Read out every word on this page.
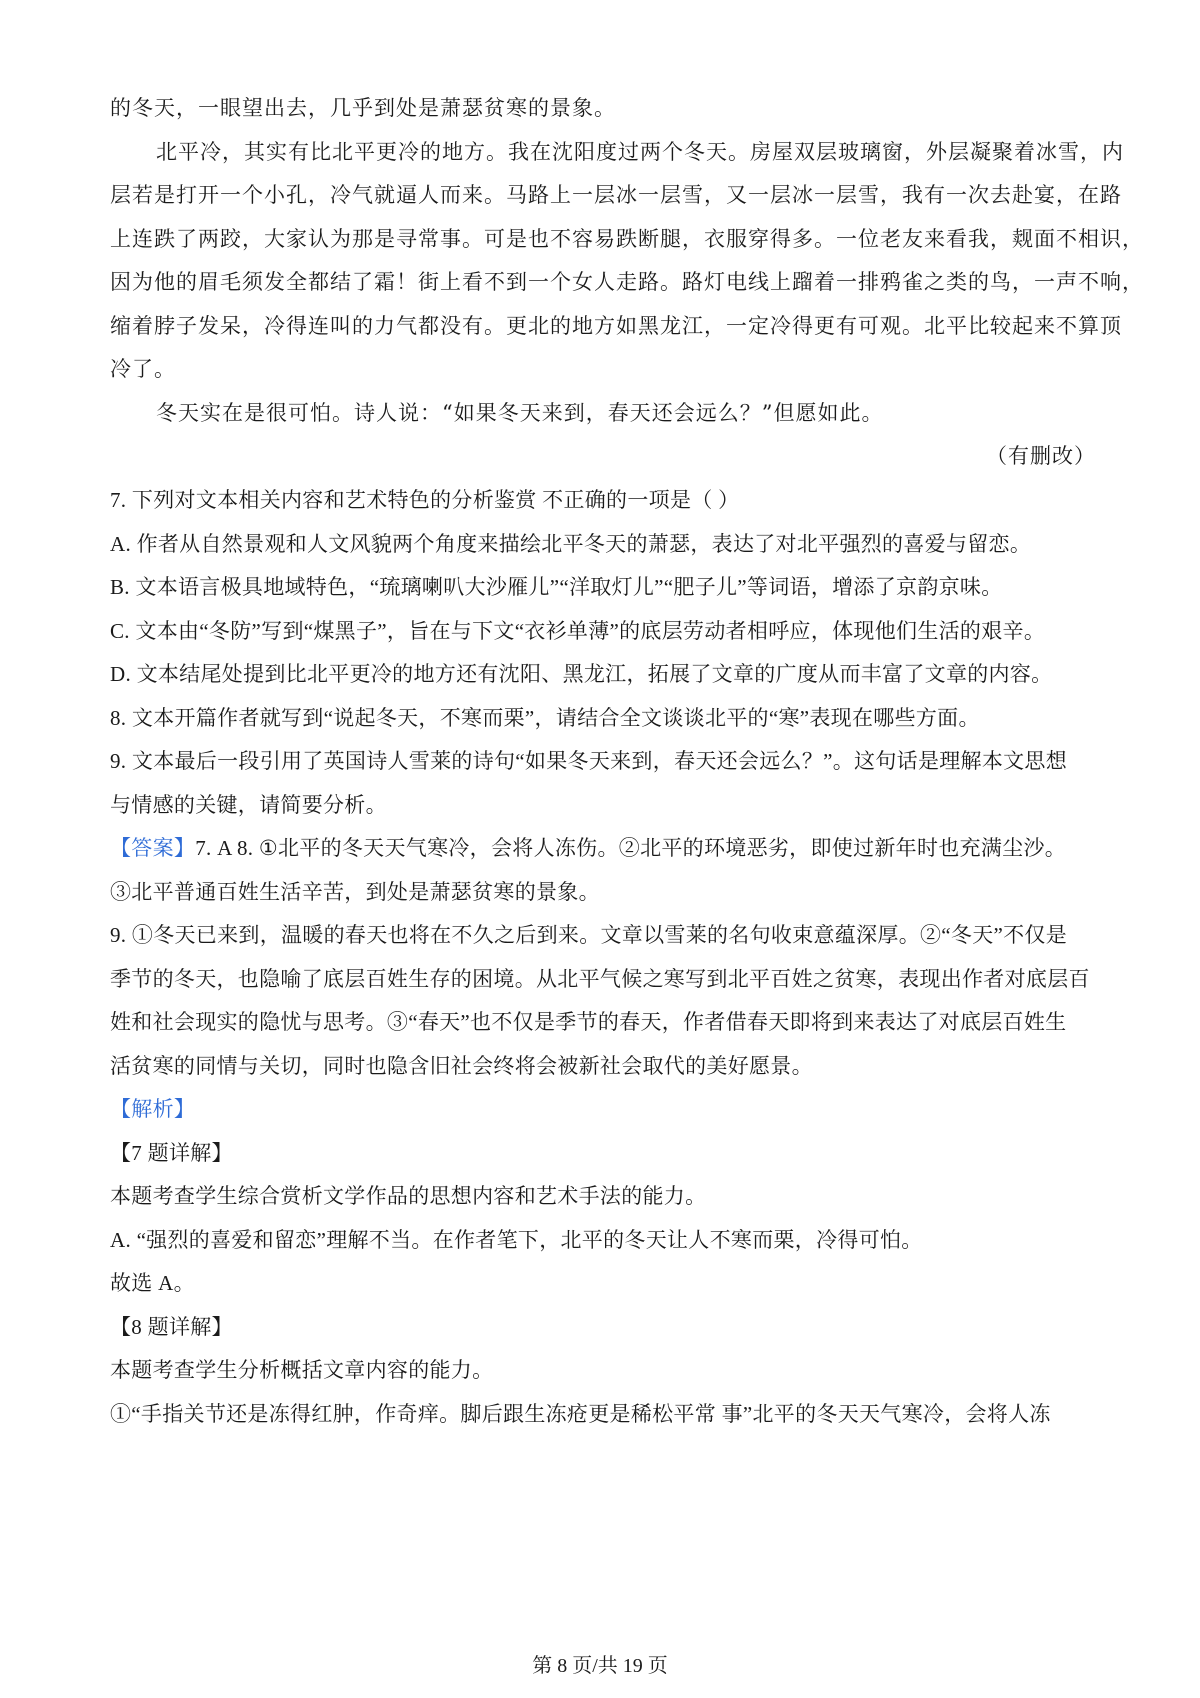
的冬天，一眼望出去，几乎到处是萧瑟贫寒的景象。
北平冷，其实有比北平更冷的地方。我在沈阳度过两个冬天。房屋双层玻璃窗，外层凝聚着冰雪，内
层若是打开一个小孔，冷气就逼人而来。马路上一层冰一层雪，又一层冰一层雪，我有一次去赴宴，在路
上连跌了两跤，大家认为那是寻常事。可是也不容易跌断腿，衣服穿得多。一位老友来看我，觌面不相识，
因为他的眉毛须发全都结了霜！街上看不到一个女人走路。路灯电线上蹓着一排鸦雀之类的鸟，一声不响，
缩着脖子发呆，冷得连叫的力气都没有。更北的地方如黑龙江，一定冷得更有可观。北平比较起来不算顶
冷了。
冬天实在是很可怕。诗人说：“如果冬天来到，春天还会远么？”但愿如此。
（有删改）
7. 下列对文本相关内容和艺术特色的分析鉴赏 不正确的一项是（ ）
A. 作者从自然景观和人文风貌两个角度来描绘北平冬天的萧瑟，表达了对北平强烈的喜爱与留恋。
B. 文本语言极具地域特色，“琉璃喇叭大沙雁儿”“洋取灯儿”“肥子儿”等词语，增添了京韵京味。
C. 文本由“冬防”写到“煤黑子”，旨在与下文“衣衫单薄”的底层劳动者相呼应，体现他们生活的艰辛。
D. 文本结尾处提到比北平更冷的地方还有沈阳、黑龙江，拓展了文章的广度从而丰富了文章的内容。
8. 文本开篇作者就写到“说起冬天，不寒而栗”，请结合全文谈谈北平的“寒”表现在哪些方面。
9. 文本最后一段引用了英国诗人雪莱的诗句“如果冬天来到，春天还会远么？”。这句话是理解本文思想
与情感的关键，请简要分析。
【答案】7. A 8. ①北平的冬天天气寒冷，会将人冻伤。②北平的环境恶劣，即使过新年时也充满尘沙。
③北平普通百姓生活辛苦，到处是萧瑟贫寒的景象。
9. ①冬天已来到，温暖的春天也将在不久之后到来。文章以雪莱的名句收束意蕴深厚。②“冬天”不仅是
季节的冬天，也隐喻了底层百姓生存的困境。从北平气候之寒写到北平百姓之贫寒，表现出作者对底层百
姓和社会现实的隐忧与思考。③“春天”也不仅是季节的春天，作者借春天即将到来表达了对底层百姓生
活贫寒的同情与关切，同时也隐含旧社会终将会被新社会取代的美好愿景。
【解析】
【7 题详解】
本题考查学生综合赏析文学作品的思想内容和艺术手法的能力。
A. “强烈的喜爱和留恋”理解不当。在作者笔下，北平的冬天让人不寒而栗，冷得可怕。
故选 A。
【8 题详解】
本题考查学生分析概括文章内容的能力。
①“手指关节还是冻得红肿，作奇痒。脚后跟生冻疮更是稀松平常 事”北平的冬天天气寒冷，会将人冻
第 8 页/共 19 页
